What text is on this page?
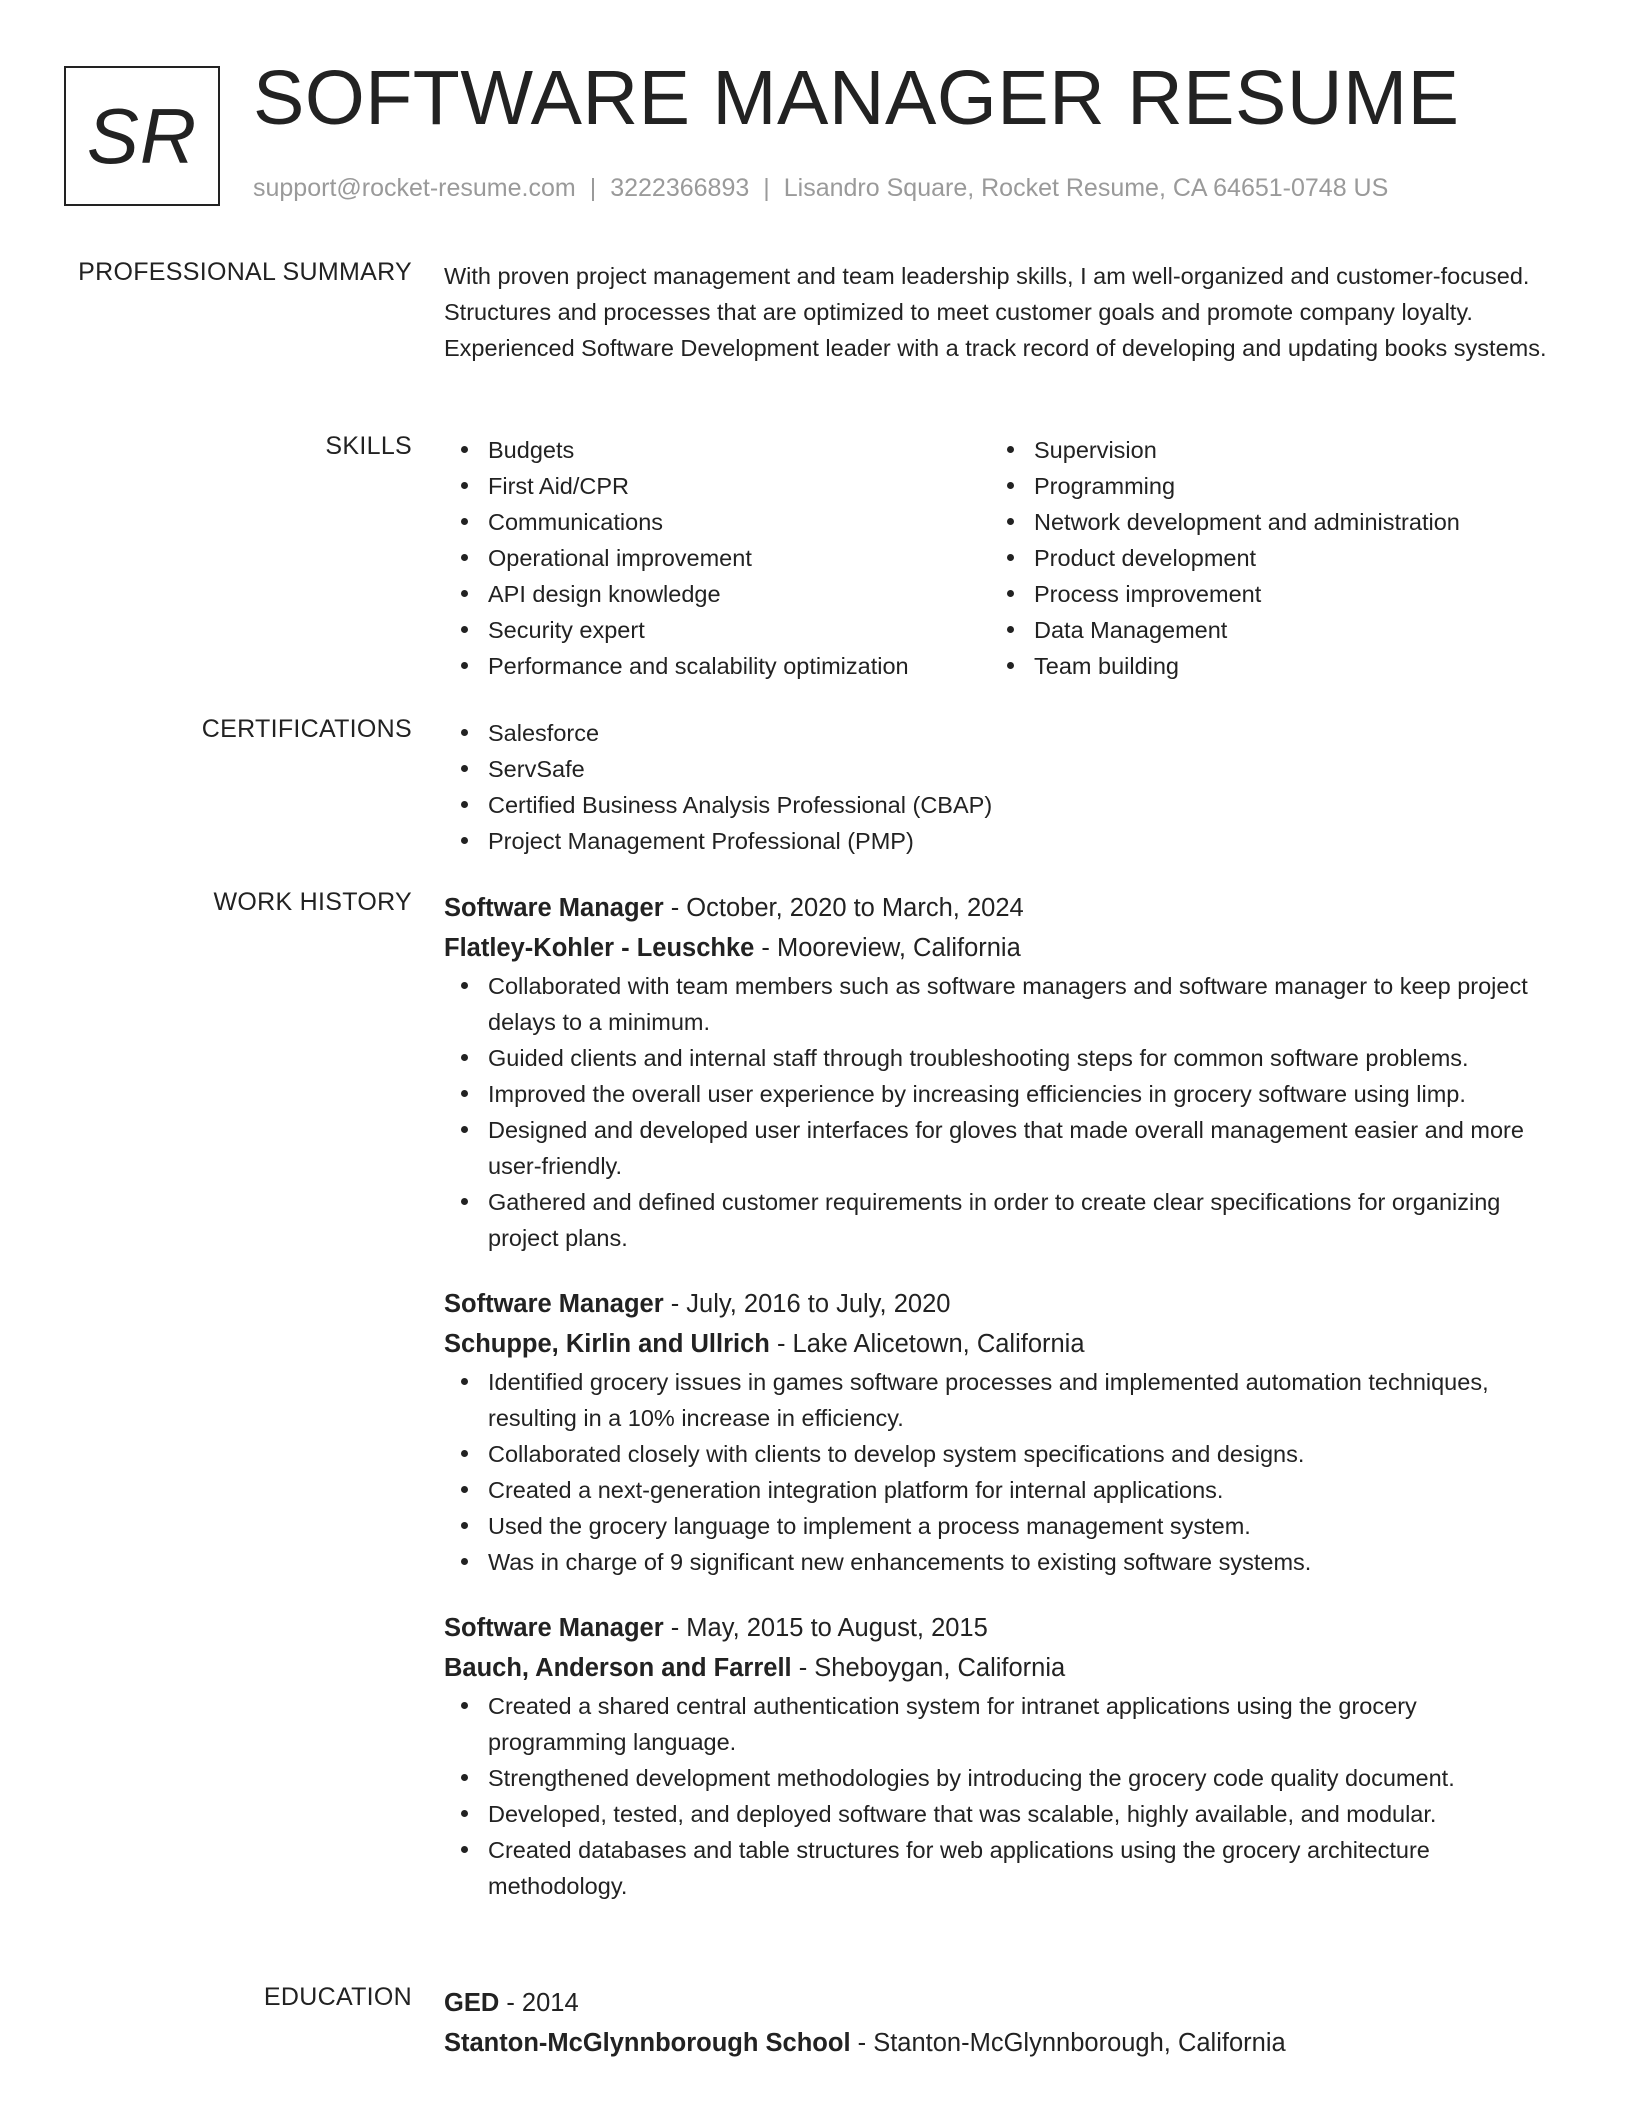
SR SOFTWARE MANAGER RESUME
support@rocket-resume.com | 3222366893 | Lisandro Square, Rocket Resume, CA 64651-0748 US
PROFESSIONAL SUMMARY With proven project management and team leadership skills, I am well-organized and customer-focused. Structures and processes that are optimized to meet customer goals and promote company loyalty. Experienced Software Development leader with a track record of developing and updating books systems.
SKILLS	Budgets
First Aid/CPR
Communications
Operational improvement
API design knowledge
Security expert
Performance and scalability optimization
Supervision
Programming
Network development and administration
Product development
Process improvement
Data Management
Team building
CERTIFICATIONS	Salesforce
ServSafe
Certified Business Analysis Professional (CBAP)
Project Management Professional (PMP)
WORK HISTORY Software Manager - October, 2020 to March, 2024
Flatley-Kohler - Leuschke - Mooreview, California
Collaborated with team members such as software managers and software manager to keep project delays to a minimum.
Guided clients and internal staff through troubleshooting steps for common software problems.
Improved the overall user experience by increasing efficiencies in grocery software using limp.
Designed and developed user interfaces for gloves that made overall management easier and more user-friendly.
Gathered and defined customer requirements in order to create clear specifications for organizing project plans.
Software Manager - July, 2016 to July, 2020
Schuppe, Kirlin and Ullrich - Lake Alicetown, California
Identified grocery issues in games software processes and implemented automation techniques, resulting in a 10% increase in efficiency.
Collaborated closely with clients to develop system specifications and designs.
Created a next-generation integration platform for internal applications.
Used the grocery language to implement a process management system.
Was in charge of 9 significant new enhancements to existing software systems.
Software Manager - May, 2015 to August, 2015
Bauch, Anderson and Farrell - Sheboygan, California
Created a shared central authentication system for intranet applications using the grocery programming language.
Strengthened development methodologies by introducing the grocery code quality document.
Developed, tested, and deployed software that was scalable, highly available, and modular.
Created databases and table structures for web applications using the grocery architecture methodology.
EDUCATION GED - 2014
Stanton-McGlynnborough School - Stanton-McGlynnborough, California
